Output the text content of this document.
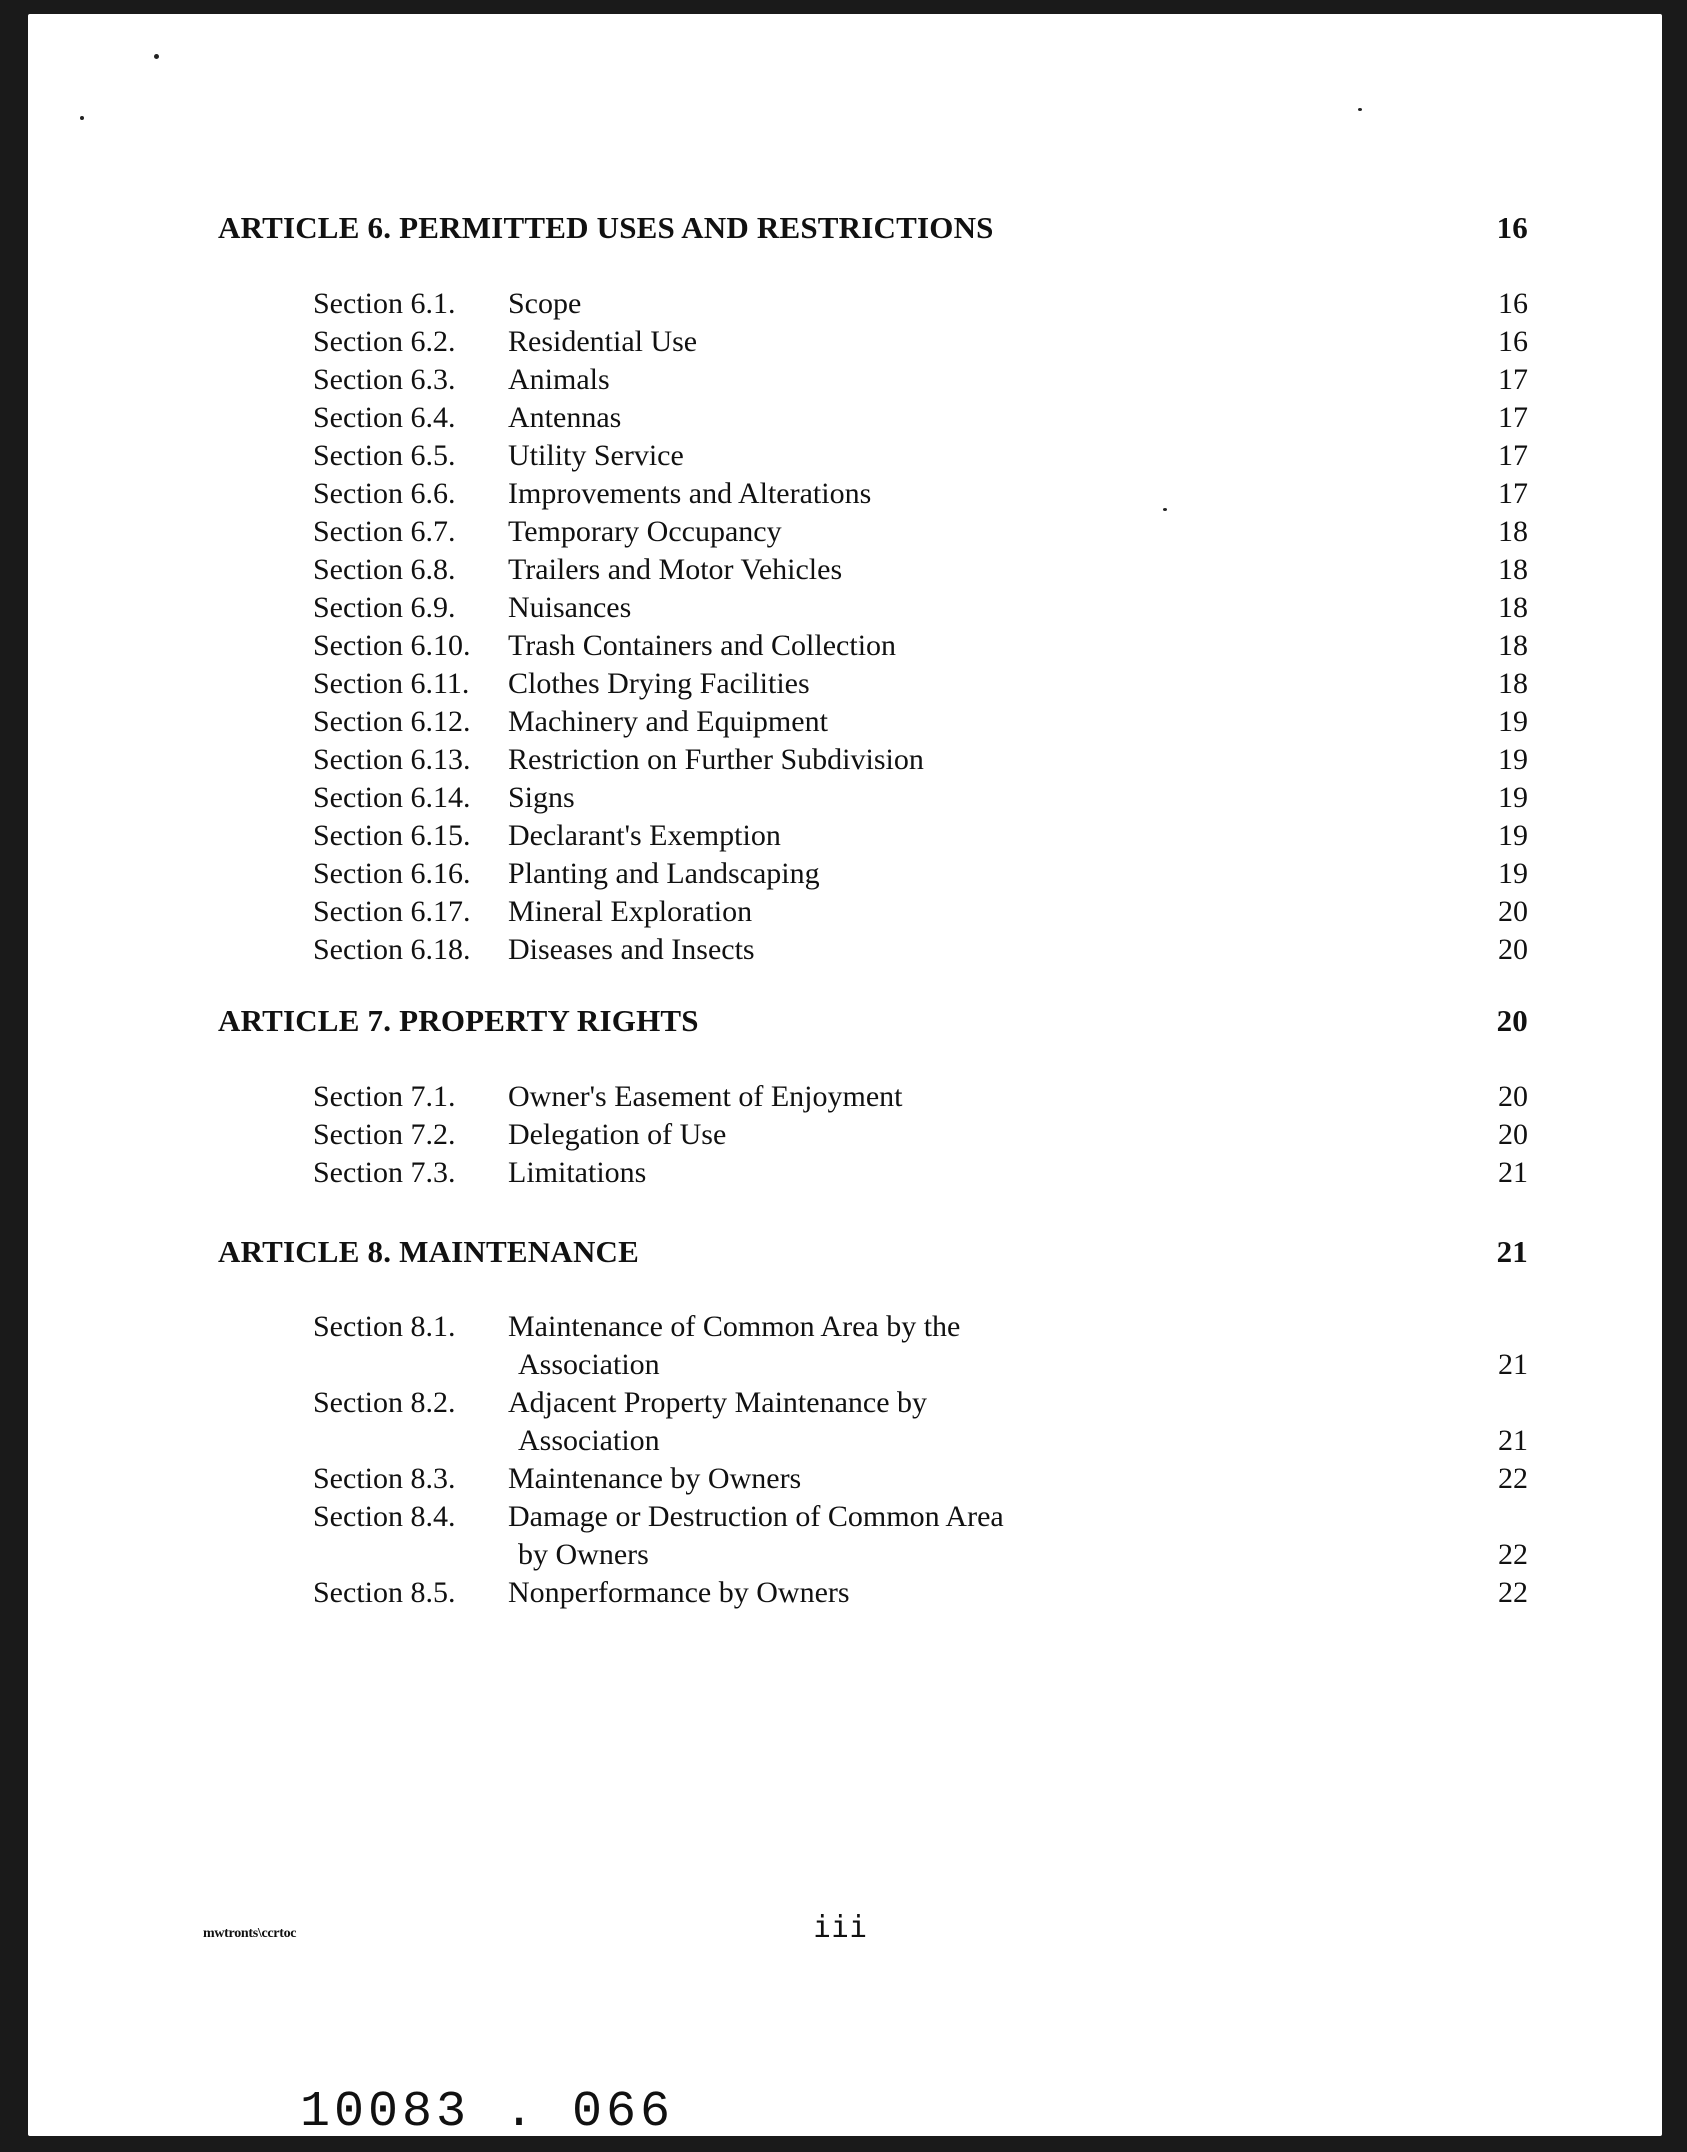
ARTICLE 6. PERMITTED USES AND RESTRICTIONS	16
Section 6.1. Scope	16
Section 6.2. Residential Use	16
Section 6.3. Animals	17
Section 6.4. Antennas	17
Section 6.5. Utility Service	17
Section 6.6. Improvements and Alterations	17
Section 6.7. Temporary Occupancy	18
Section 6.8. Trailers and Motor Vehicles	18
Section 6.9. Nuisances	18
Section 6.10. Trash Containers and Collection	18
Section 6.11. Clothes Drying Facilities	18
Section 6.12. Machinery and Equipment	19
Section 6.13. Restriction on Further Subdivision	19
Section 6.14. Signs	19
Section 6.15. Declarant's Exemption	19
Section 6.16. Planting and Landscaping	19
Section 6.17. Mineral Exploration	20
Section 6.18. Diseases and Insects	20
ARTICLE 7. PROPERTY RIGHTS	20
Section 7.1. Owner's Easement of Enjoyment	20
Section 7.2. Delegation of Use	20
Section 7.3. Limitations	21
ARTICLE 8. MAINTENANCE	21
Section 8.1. Maintenance of Common Area by the
Association	21
Section 8.2. Adjacent Property Maintenance by
Association	21
Section 8.3. Maintenance by Owners	22
Section 8.4. Damage or Destruction of Common Area
by Owners	22
Section 8.5. Nonperformance by Owners	22
mwtronts\ccrtoc	iii
10083 . 066
